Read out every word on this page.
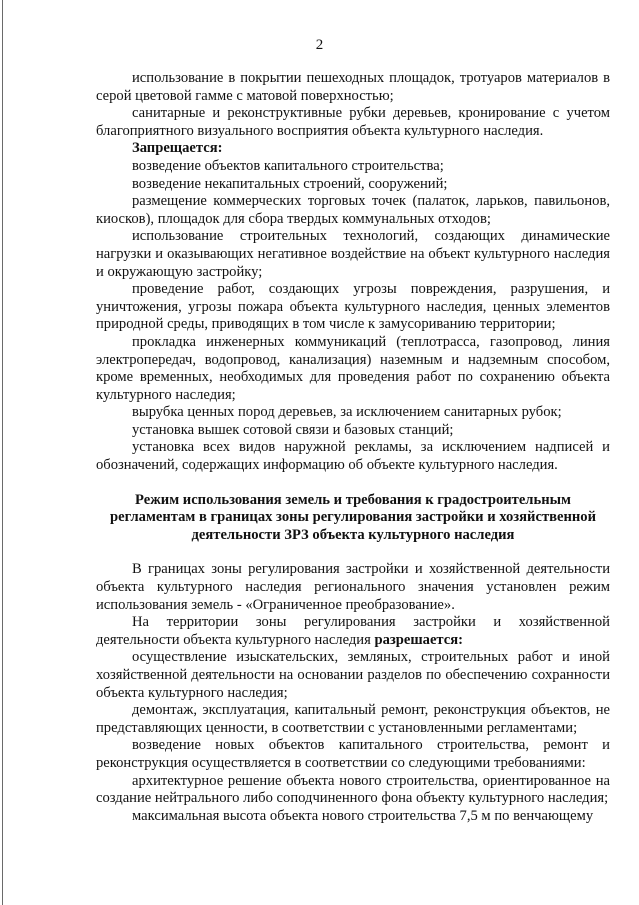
2

использование в покрытии пешеходных площадок, тротуаров материалов в серой цветовой гамме с матовой поверхностью;

санитарные и реконструктивные рубки деревьев, кронирование с учетом благоприятного визуального восприятия объекта культурного наследия.

Запрещается:

возведение объектов капитального строительства;

возведение некапитальных строений, сооружений;

размещение коммерческих торговых точек (палаток, ларьков, павильонов, киосков), площадок для сбора твердых коммунальных отходов;

использование строительных технологий, создающих динамические нагрузки и оказывающих негативное воздействие на объект культурного наследия и окружающую застройку;

проведение работ, создающих угрозы повреждения, разрушения, и уничтожения, угрозы пожара объекта культурного наследия, ценных элементов природной среды, приводящих в том числе к замусориванию территории;

прокладка инженерных коммуникаций (теплотрасса, газопровод, линия электропередач, водопровод, канализация) наземным и надземным способом, кроме временных, необходимых для проведения работ по сохранению объекта культурного наследия;

вырубка ценных пород деревьев, за исключением санитарных рубок;

установка вышек сотовой связи и базовых станций;

установка всех видов наружной рекламы, за исключением надписей и обозначений, содержащих информацию об объекте культурного наследия.

Режим использования земель и требования к градостроительным

регламентам в границах зоны регулирования застройки и хозяйственной

деятельности ЗРЗ объекта культурного наследия

В границах зоны регулирования застройки и хозяйственной деятельности объекта культурного наследия регионального значения установлен режим использования земель - «Ограниченное преобразование».

На территории зоны регулирования застройки и хозяйственной деятельности объекта культурного наследия разрешается:

осуществление изыскательских, земляных, строительных работ и иной хозяйственной деятельности на основании разделов по обеспечению сохранности объекта культурного наследия;

демонтаж, эксплуатация, капитальный ремонт, реконструкция объектов, не представляющих ценности, в соответствии с установленными регламентами;

возведение новых объектов капитального строительства, ремонт и реконструкция осуществляется в соответствии со следующими требованиями:

архитектурное решение объекта нового строительства, ориентированное на создание нейтрального либо соподчиненного фона объекту культурного наследия;

максимальная высота объекта нового строительства 7,5 м по венчающему
